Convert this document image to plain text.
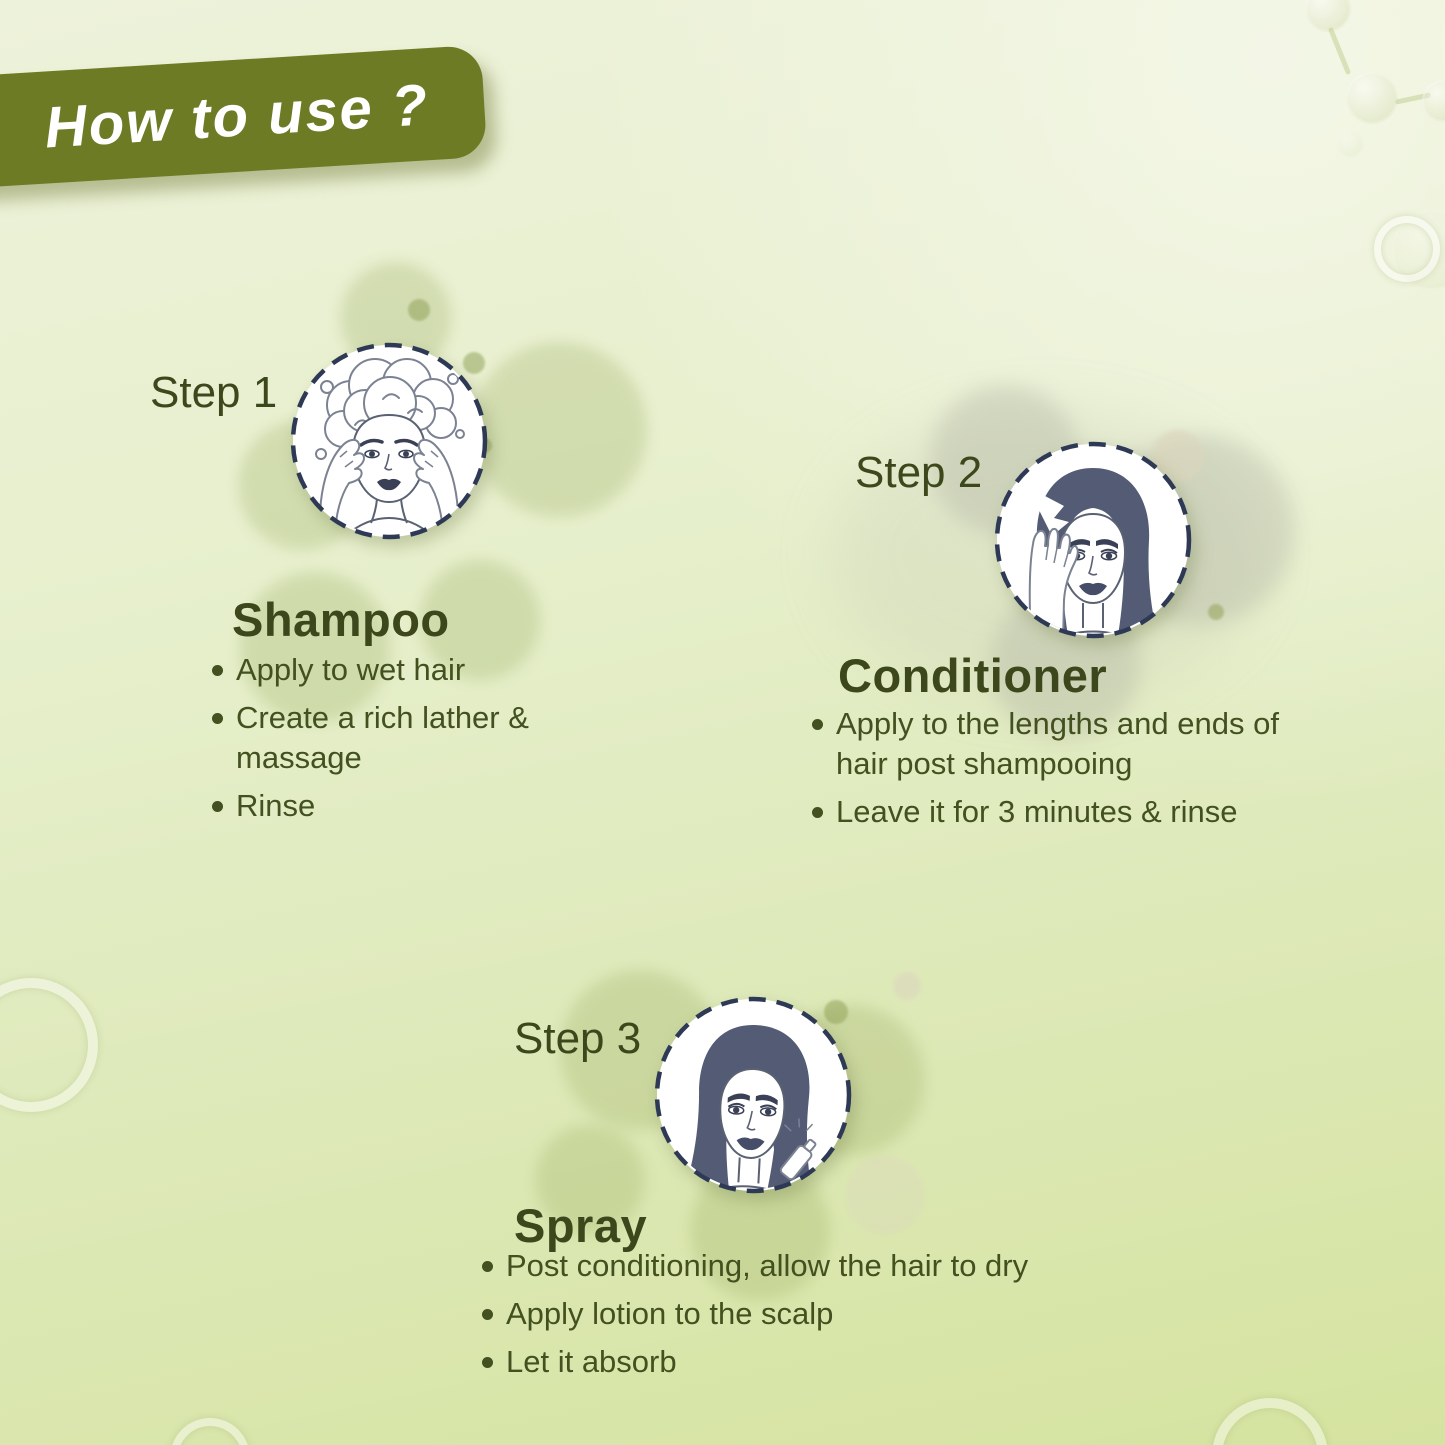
How to use ?
Step 1
Shampoo
Apply to wet hair
Create a rich lather & massage
Rinse
Step 2
Conditioner
Apply to the lengths and ends of hair post shampooing
Leave it for 3 minutes & rinse
Step 3
Spray
Post conditioning, allow the hair to dry
Apply lotion to the scalp
Let it absorb
